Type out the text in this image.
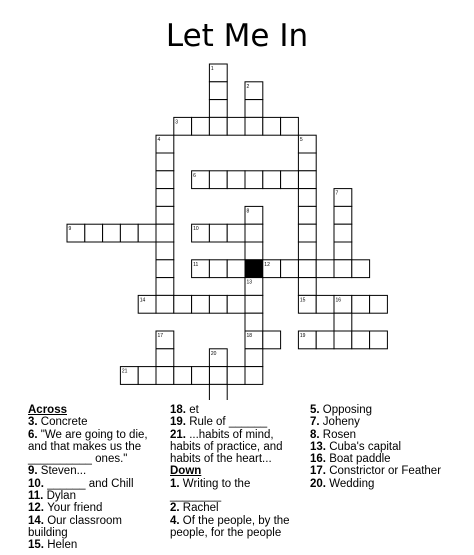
Let Me In
1
2
3
4	5
6
7
8
9	10
11	12
13
14	15	16
17	18	19
20
21
Across
3. Concrete
6. "We are going to die, and that makes us the __________ ones."
9. Steven...
10. ______ and Chill
11. Dylan
12. Your friend
14. Our classroom building
15. Helen
18. et
19. Rule of ______
21. ...habits of mind, habits of practice, and habits of the heart...
Down
1. Writing to the ________
2. Rachel
4. Of the people, by the people, for the people
5. Opposing
7. Joheny
8. Rosen
13. Cuba's capital
16. Boat paddle
17. Constrictor or Feather
20. Wedding
